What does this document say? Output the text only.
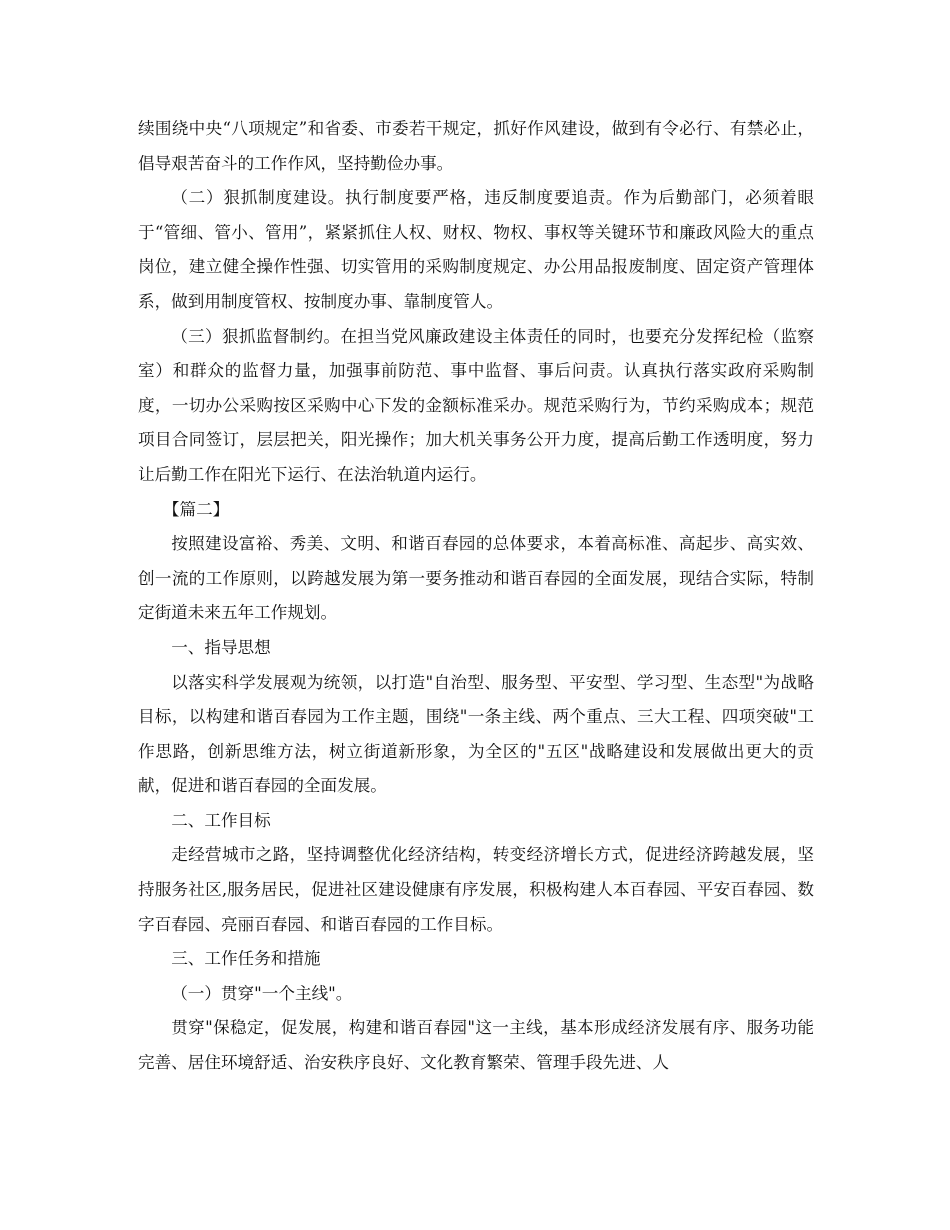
续围绕中央“八项规定”和省委、市委若干规定，抓好作风建设，做到有令必行、有禁必止，倡导艰苦奋斗的工作作风，坚持勤俭办事。

（二）狠抓制度建设。执行制度要严格，违反制度要追责。作为后勤部门，必须着眼于“管细、管小、管用”，紧紧抓住人权、财权、物权、事权等关键环节和廉政风险大的重点岗位，建立健全操作性强、切实管用的采购制度规定、办公用品报废制度、固定资产管理体系，做到用制度管权、按制度办事、靠制度管人。

（三）狠抓监督制约。在担当党风廉政建设主体责任的同时，也要充分发挥纪检（监察室）和群众的监督力量，加强事前防范、事中监督、事后问责。认真执行落实政府采购制度，一切办公采购按区采购中心下发的金额标准采办。规范采购行为，节约采购成本；规范项目合同签订，层层把关，阳光操作；加大机关事务公开力度，提高后勤工作透明度，努力让后勤工作在阳光下运行、在法治轨道内运行。

【篇二】

按照建设富裕、秀美、文明、和谐百春园的总体要求，本着高标准、高起步、高实效、创一流的工作原则，以跨越发展为第一要务推动和谐百春园的全面发展，现结合实际，特制定街道未来五年工作规划。

一、指导思想

以落实科学发展观为统领，以打造"自治型、服务型、平安型、学习型、生态型"为战略目标，以构建和谐百春园为工作主题，围绕"一条主线、两个重点、三大工程、四项突破"工作思路，创新思维方法，树立街道新形象，为全区的"五区"战略建设和发展做出更大的贡献，促进和谐百春园的全面发展。

二、工作目标

走经营城市之路，坚持调整优化经济结构，转变经济增长方式，促进经济跨越发展，坚持服务社区,服务居民，促进社区建设健康有序发展，积极构建人本百春园、平安百春园、数字百春园、亮丽百春园、和谐百春园的工作目标。

三、工作任务和措施

（一）贯穿"一个主线"。

贯穿"保稳定，促发展，构建和谐百春园"这一主线，基本形成经济发展有序、服务功能完善、居住环境舒适、治安秩序良好、文化教育繁荣、管理手段先进、人
